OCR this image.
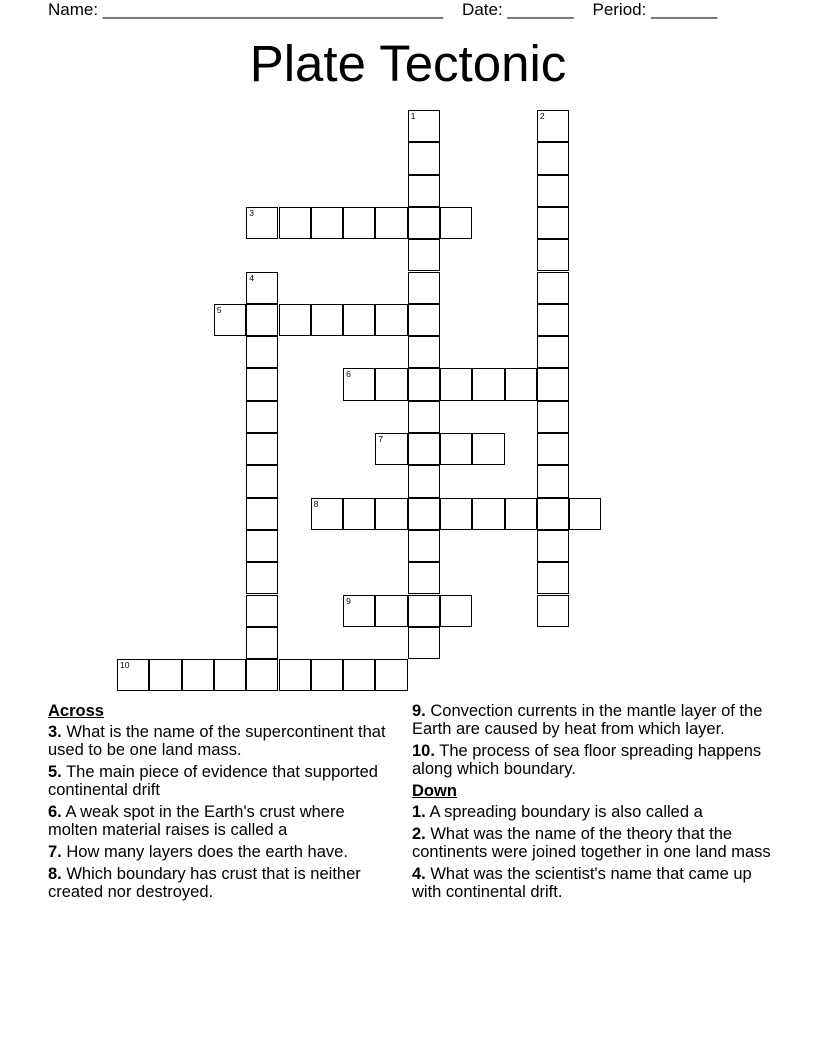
Name: ____________________________________    Date: _______    Period: _______
Plate Tectonic
1	2
3
4
5
6
7
8
9
10
Across
3. What is the name of the supercontinent that used to be one land mass.
5. The main piece of evidence that supported continental drift
6. A weak spot in the Earth's crust where molten material raises is called a
7. How many layers does the earth have.
8. Which boundary has crust that is neither created nor destroyed.
9. Convection currents in the mantle layer of the Earth are caused by heat from which layer.
10. The process of sea floor spreading happens along which boundary.
Down
1. A spreading boundary is also called a
2. What was the name of the theory that the continents were joined together in one land mass
4. What was the scientist's name that came up with continental drift.
